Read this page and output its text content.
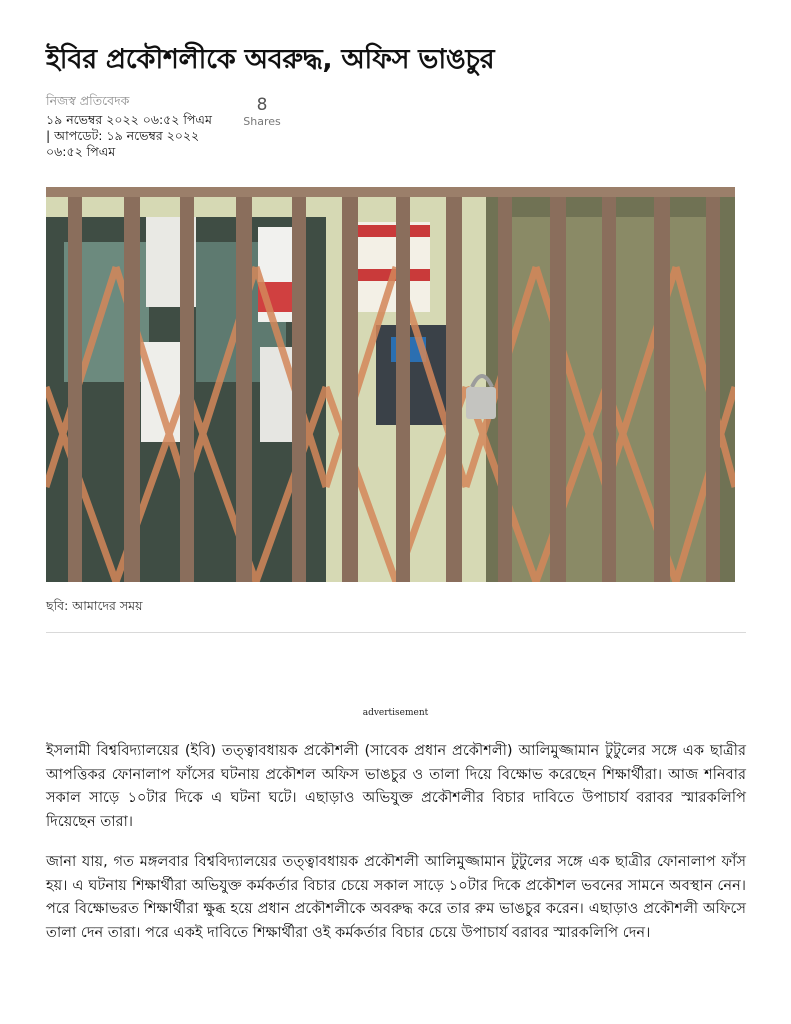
ইবির প্রকৌশলীকে অবরুদ্ধ, অফিস ভাঙচুর
নিজস্ব প্রতিবেদক
১৯ নভেম্বর ২০২২ ০৬:৫২ পিএম | আপডেট: ১৯ নভেম্বর ২০২২ ০৬:৫২ পিএম
8
Shares
ছবি: আমাদের সময়
advertisement

ইসলামী বিশ্ববিদ্যালয়ের (ইবি) তত্ত্বাবধায়ক প্রকৌশলী (সাবেক প্রধান প্রকৌশলী) আলিমুজ্জামান টুটুলের সঙ্গে এক ছাত্রীর আপত্তিকর ফোনালাপ ফাঁসের ঘটনায় প্রকৌশল অফিস ভাঙচুর ও তালা দিয়ে বিক্ষোভ করেছেন শিক্ষার্থীরা। আজ শনিবার সকাল সাড়ে ১০টার দিকে এ ঘটনা ঘটে। এছাড়াও অভিযুক্ত প্রকৌশলীর বিচার দাবিতে উপাচার্য বরাবর স্মারকলিপি দিয়েছেন তারা।

জানা যায়, গত মঙ্গলবার বিশ্ববিদ্যালয়ের তত্ত্বাবধায়ক প্রকৌশলী আলিমুজ্জামান টুটুলের সঙ্গে এক ছাত্রীর ফোনালাপ ফাঁস হয়। এ ঘটনায় শিক্ষার্থীরা অভিযুক্ত কর্মকর্তার বিচার চেয়ে সকাল সাড়ে ১০টার দিকে প্রকৌশল ভবনের সামনে অবস্থান নেন। পরে বিক্ষোভরত শিক্ষার্থীরা ক্ষুব্ধ হয়ে প্রধান প্রকৌশলীকে অবরুদ্ধ করে তার রুম ভাঙচুর করেন। এছাড়াও প্রকৌশলী অফিসে তালা দেন তারা। পরে একই দাবিতে শিক্ষার্থীরা ওই কর্মকর্তার বিচার চেয়ে উপাচার্য বরাবর স্মারকলিপি দেন।
